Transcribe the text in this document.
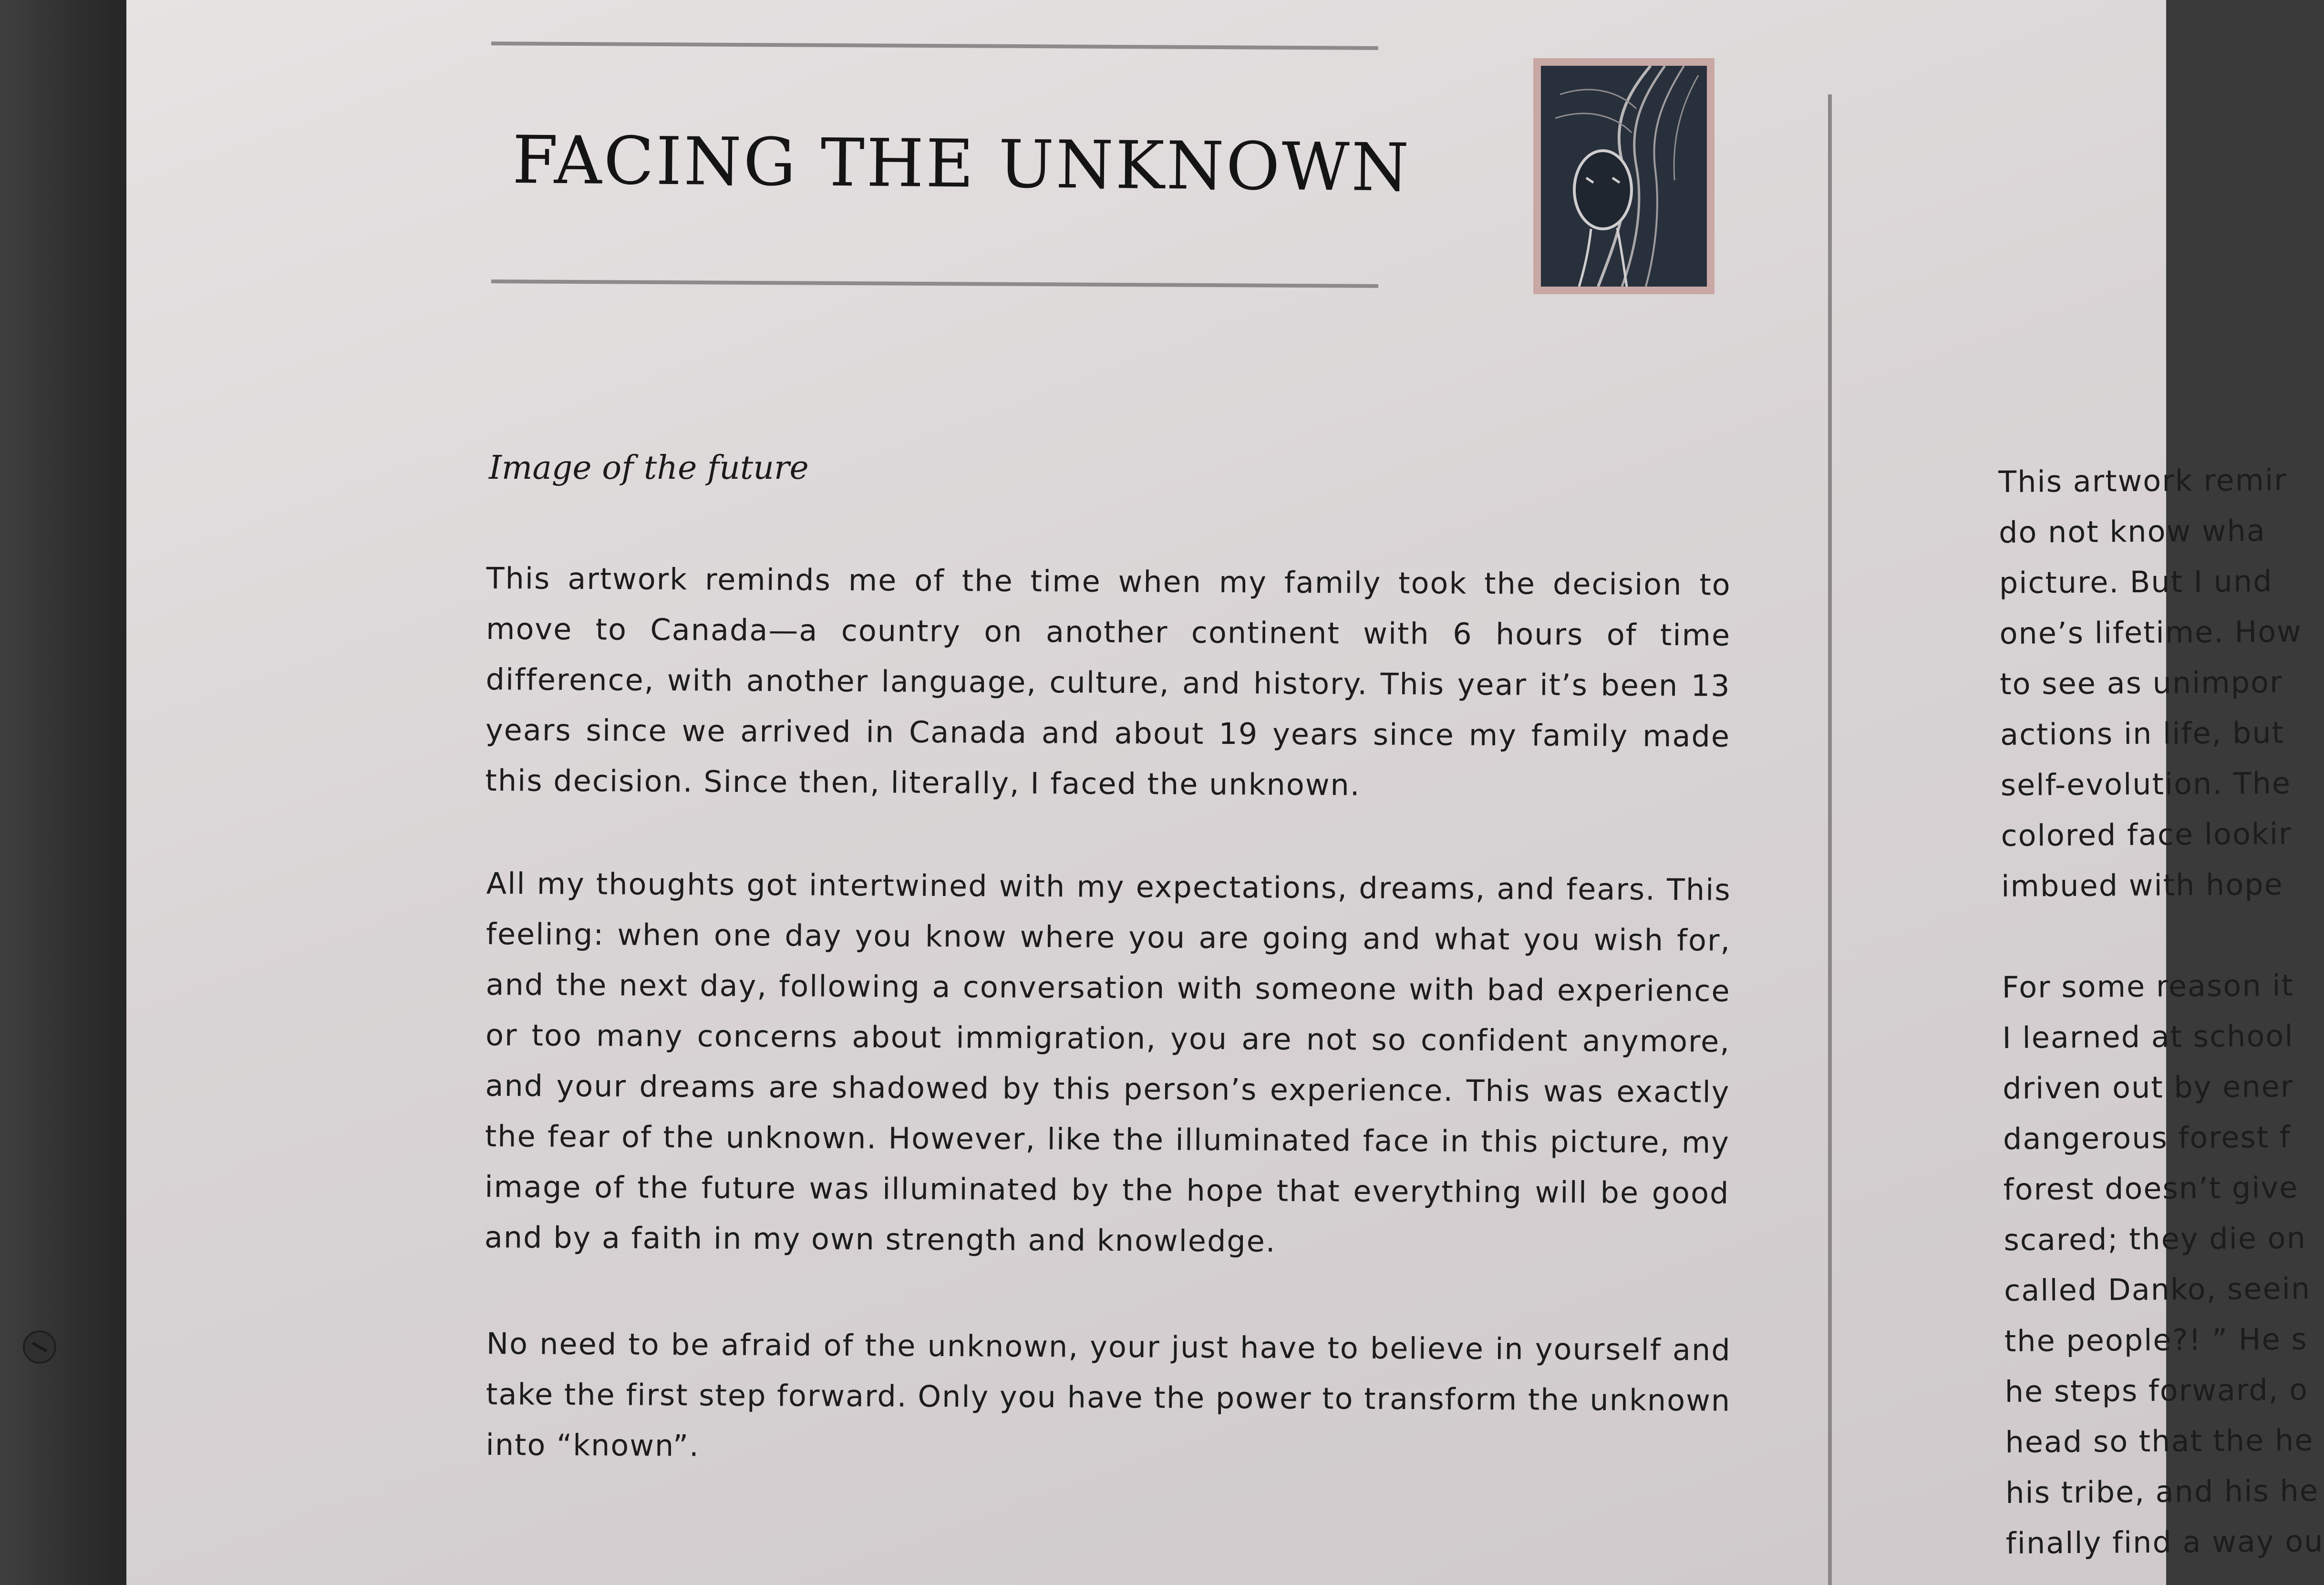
FACING THE UNKNOWN

Image of the future

This artwork reminds me of the time when my family took the decision to move to Canada—a country on another continent with 6 hours of time difference, with another language, culture, and history. This year it’s been 13 years since we arrived in Canada and about 19 years since my family made this decision. Since then, literally, I faced the unknown.

All my thoughts got intertwined with my expectations, dreams, and fears. This feeling: when one day you know where you are going and what you wish for, and the next day, following a conversation with someone with bad experience or too many concerns about immigration, you are not so confident anymore, and your dreams are shadowed by this person’s experience. This was exactly the fear of the unknown. However, like the illuminated face in this picture, my image of the future was illuminated by the hope that everything will be good and by a faith in my own strength and knowledge.

No need to be afraid of the unknown, your just have to believe in yourself and take the first step forward. Only you have the power to transform the unknown into “known”.

This artwork remir
do not know wha
picture. But I und
one’s lifetime. How
to see as unimpor
actions in life, but
self-evolution. The
colored face lookir
imbued with hope
For some reason it
I learned at school
driven out by ener
dangerous forest f
forest doesn’t give
scared; they die on
called Danko, seein
the people?! ” He s
he steps forward, o
head so that the he
his tribe, and his he
finally find a way ou
